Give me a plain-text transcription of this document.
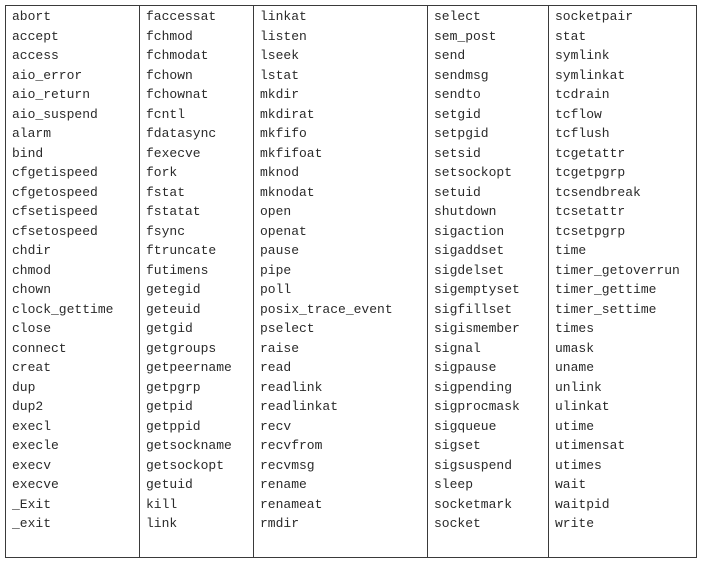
abort
accept
access
aio_error
aio_return
aio_suspend
alarm
bind
cfgetispeed
cfgetospeed
cfsetispeed
cfsetospeed
chdir
chmod
chown
clock_gettime
close
connect
creat
dup
dup2
execl
execle
execv
execve
_Exit
_exit
faccessat
fchmod
fchmodat
fchown
fchownat
fcntl
fdatasync
fexecve
fork
fstat
fstatat
fsync
ftruncate
futimens
getegid
geteuid
getgid
getgroups
getpeername
getpgrp
getpid
getppid
getsockname
getsockopt
getuid
kill
link
linkat
listen
lseek
lstat
mkdir
mkdirat
mkfifo
mkfifoat
mknod
mknodat
open
openat
pause
pipe
poll
posix_trace_event
pselect
raise
read
readlink
readlinkat
recv
recvfrom
recvmsg
rename
renameat
rmdir
select
sem_post
send
sendmsg
sendto
setgid
setpgid
setsid
setsockopt
setuid
shutdown
sigaction
sigaddset
sigdelset
sigemptyset
sigfillset
sigismember
signal
sigpause
sigpending
sigprocmask
sigqueue
sigset
sigsuspend
sleep
socketmark
socket
socketpair
stat
symlink
symlinkat
tcdrain
tcflow
tcflush
tcgetattr
tcgetpgrp
tcsendbreak
tcsetattr
tcsetpgrp
time
timer_getoverrun
timer_gettime
timer_settime
times
umask
uname
unlink
ulinkat
utime
utimensat
utimes
wait
waitpid
write
